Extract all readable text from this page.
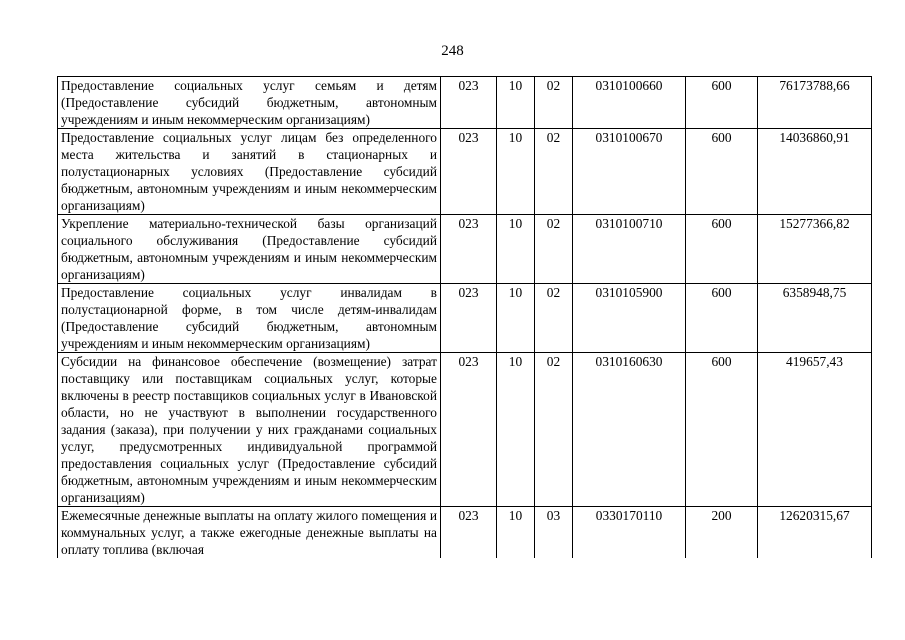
248
Предоставление социальных услуг семьям и детям (Предоставление субсидий бюджетным, автономным учреждениям и иным некоммерческим организациям)	023	10	02	0310100660	600	76173788,66
Предоставление социальных услуг лицам без определенного места жительства и занятий в стационарных и полустационарных условиях (Предоставление субсидий бюджетным, автономным учреждениям и иным некоммерческим организациям)	023	10	02	0310100670	600	14036860,91
Укрепление материально-технической базы организаций социального обслуживания (Предоставление субсидий бюджетным, автономным учреждениям и иным некоммерческим организациям)	023	10	02	0310100710	600	15277366,82
Предоставление социальных услуг инвалидам в полустационарной форме, в том числе детям-инвалидам (Предоставление субсидий бюджетным, автономным учреждениям и иным некоммерческим организациям)	023	10	02	0310105900	600	6358948,75
Субсидии на финансовое обеспечение (возмещение) затрат поставщику или поставщикам социальных услуг, которые включены в реестр поставщиков социальных услуг в Ивановской области, но не участвуют в выполнении государственного задания (заказа), при получении у них гражданами социальных услуг, предусмотренных индивидуальной программой предоставления социальных услуг (Предоставление субсидий бюджетным, автономным учреждениям и иным некоммерческим организациям)	023	10	02	0310160630	600	419657,43
Ежемесячные денежные выплаты на оплату жилого помещения и коммунальных услуг, а также ежегодные денежные выплаты на оплату топлива (включая	023	10	03	0330170110	200	12620315,67
